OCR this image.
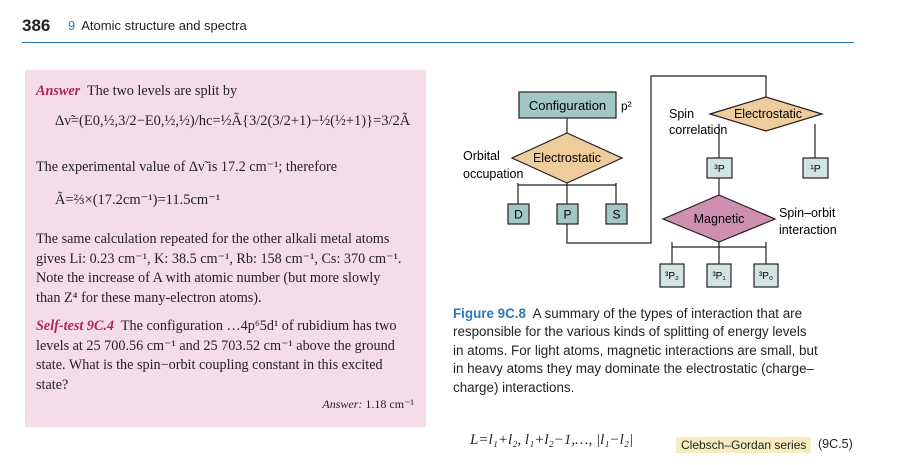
386 9 Atomic structure and spectra
Answer The two levels are split by
Δν̃=(E0,½,3/2−E0,½,½)/hc=½Ã{3/2(3/2+1)−½(½+1)}=3/2Ã
The experimental value of Δν̃ is 17.2 cm⁻¹; therefore
Ã=⅔×(17.2cm⁻¹)=11.5cm⁻¹
The same calculation repeated for the other alkali metal atoms
gives Li: 0.23 cm⁻¹, K: 38.5 cm⁻¹, Rb: 158 cm⁻¹, Cs: 370 cm⁻¹.
Note the increase of A with atomic number (but more slowly
than Z⁴ for these many-electron atoms).
Self-test 9C.4 The configuration …4p⁶5d¹ of rubidium has two
levels at 25 700.56 cm⁻¹ and 25 703.52 cm⁻¹ above the ground
state. What is the spin−orbit coupling constant in this excited
state?
Answer: 1.18 cm⁻¹
Configuration p²
Electrostatic
Orbital
occupation
D	P	S
Electrostatic
Spin
correlation
³P	¹P
Magnetic	Spin–orbit
interaction
³P₂	³P₁	³P₀
Figure 9C.8 A summary of the types of interaction that are
responsible for the various kinds of splitting of energy levels
in atoms. For light atoms, magnetic interactions are small, but
in heavy atoms they may dominate the electrostatic (charge–
charge) interactions.
L=l₁+l₂, l₁+l₂−1,…, |l₁−l₂|	Clebsch–Gordan series (9C.5)
